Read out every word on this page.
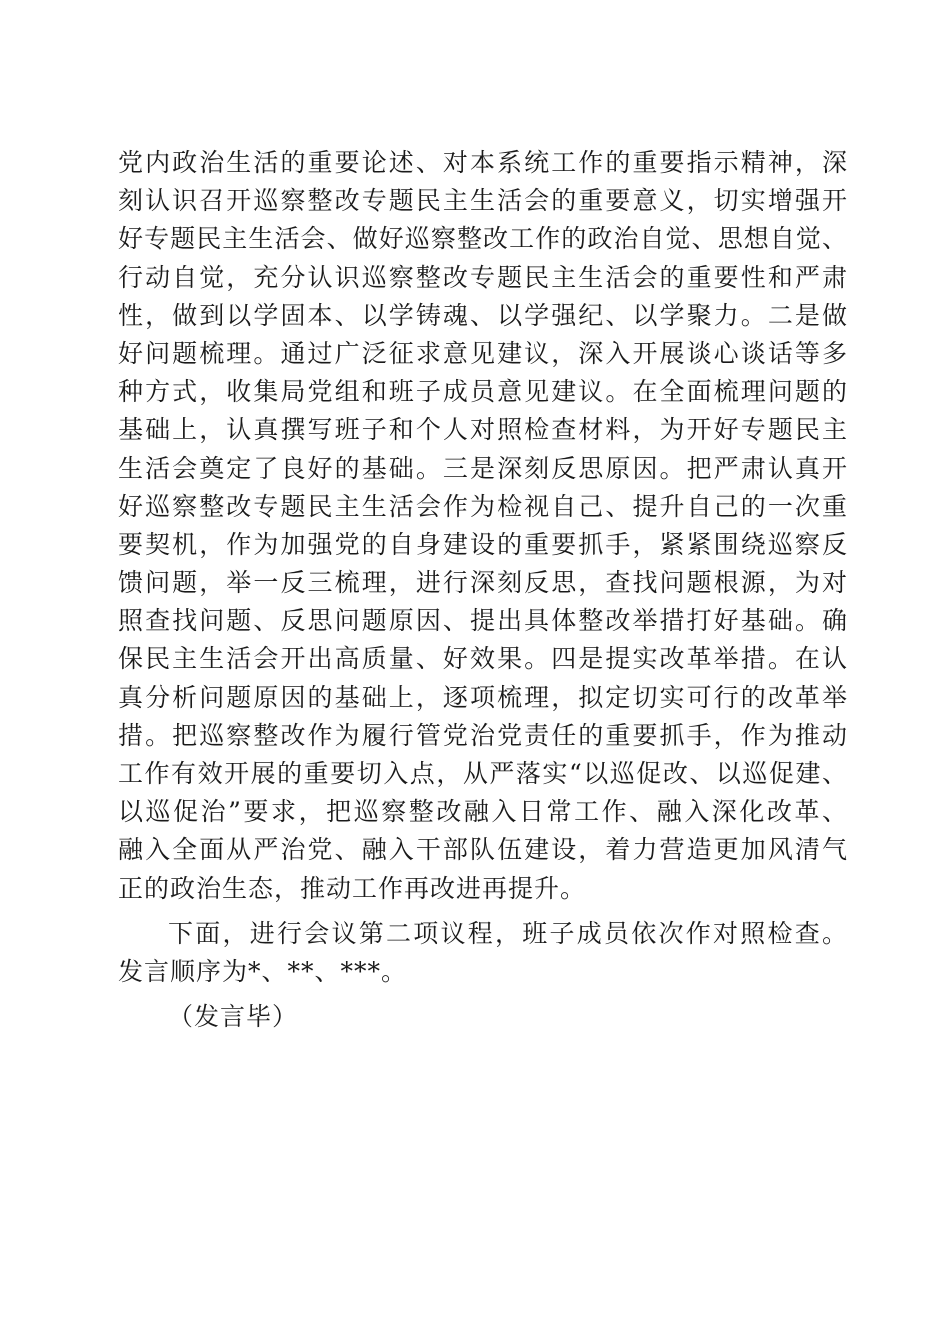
党内政治生活的重要论述、对本系统工作的重要指示精神，深
刻认识召开巡察整改专题民主生活会的重要意义，切实增强开
好专题民主生活会、做好巡察整改工作的政治自觉、思想自觉、
行动自觉，充分认识巡察整改专题民主生活会的重要性和严肃
性，做到以学固本、以学铸魂、以学强纪、以学聚力。二是做
好问题梳理。通过广泛征求意见建议，深入开展谈心谈话等多
种方式，收集局党组和班子成员意见建议。在全面梳理问题的
基础上，认真撰写班子和个人对照检查材料，为开好专题民主
生活会奠定了良好的基础。三是深刻反思原因。把严肃认真开
好巡察整改专题民主生活会作为检视自己、提升自己的一次重
要契机，作为加强党的自身建设的重要抓手，紧紧围绕巡察反
馈问题，举一反三梳理，进行深刻反思，查找问题根源，为对
照查找问题、反思问题原因、提出具体整改举措打好基础。确
保民主生活会开出高质量、好效果。四是提实改革举措。在认
真分析问题原因的基础上，逐项梳理，拟定切实可行的改革举
措。把巡察整改作为履行管党治党责任的重要抓手，作为推动
工作有效开展的重要切入点，从严落实“以巡促改、以巡促建、
以巡促治”要求，把巡察整改融入日常工作、融入深化改革、
融入全面从严治党、融入干部队伍建设，着力营造更加风清气
正的政治生态，推动工作再改进再提升。
下面，进行会议第二项议程，班子成员依次作对照检查。
发言顺序为*、**、***。
（发言毕）
